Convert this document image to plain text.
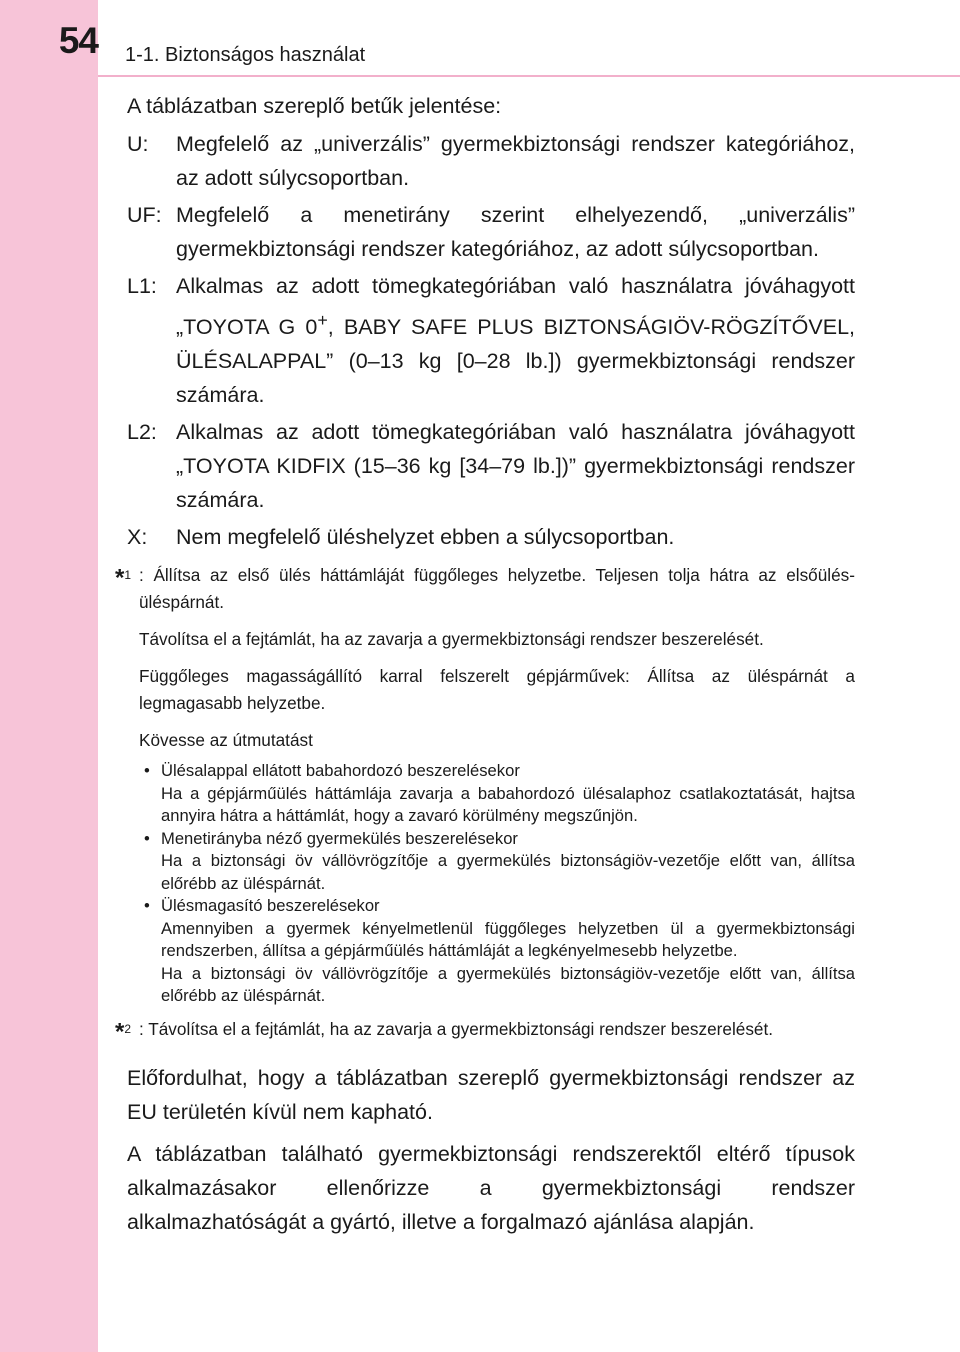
54 1-1. Biztonságos használat

A táblázatban szereplő betűk jelentése:

U:	Megfelelő az „univerzális” gyermekbiztonsági rendszer kategóriához, az adott súlycsoportban.
UF: Megfelelő a menetirány szerint elhelyezendő, „univerzális” gyermekbiztonsági rendszer kategóriához, az adott súlycsoportban.
L1: Alkalmas az adott tömegkategóriában való használatra jóváhagyott „TOYOTA G 0+, BABY SAFE PLUS BIZTONSÁGIÖV-RÖGZÍTŐVEL, ÜLÉSALAPPAL” (0–13 kg [0–28 lb.]) gyermekbiztonsági rendszer számára.
L2: Alkalmas az adott tömegkategóriában való használatra jóváhagyott „TOYOTA KIDFIX (15–36 kg [34–79 lb.])” gyermekbiztonsági rendszer számára.
X:	Nem megfelelő üléshelyzet ebben a súlycsoportban.
*$^1$ : Állítsa az első ülés háttámláját függőleges helyzetbe. Teljesen tolja hátra az elsőülés-üléspárnát.

Távolítsa el a fejtámlát, ha az zavarja a gyermekbiztonsági rendszer beszerelését.

Függőleges magasságállító karral felszerelt gépjárművek: Állítsa az üléspárnát a legmagasabb helyzetbe.

Kövesse az útmutatást

• Ülésalappal ellátott babahordozó beszerelésekor
Ha a gépjárműülés háttámlája zavarja a babahordozó ülésalaphoz csatlakoztatását, hajtsa annyira hátra a háttámlát, hogy a zavaró körülmény megszűnjön.
• Menetirányba néző gyermekülés beszerelésekor
Ha a biztonsági öv vállövrögzítője a gyermekülés biztonságiöv-vezetője előtt van, állítsa előrébb az üléspárnát.
• Ülésmagasító beszerelésekor
Amennyiben a gyermek kényelmetlenül függőleges helyzetben ül a gyermekbiztonsági rendszerben, állítsa a gépjárműülés háttámláját a legkényelmesebb helyzetbe.
Ha a biztonsági öv vállövrögzítője a gyermekülés biztonságiöv-vezetője előtt van, állítsa előrébb az üléspárnát.
*$^2$ : Távolítsa el a fejtámlát, ha az zavarja a gyermekbiztonsági rendszer beszerelését.

Előfordulhat, hogy a táblázatban szereplő gyermekbiztonsági rendszer az EU területén kívül nem kapható.

A táblázatban található gyermekbiztonsági rendszerektől eltérő típusok alkalmazásakor ellenőrizze a gyermekbiztonsági rendszer alkalmazhatóságát a gyártó, illetve a forgalmazó ajánlása alapján.
